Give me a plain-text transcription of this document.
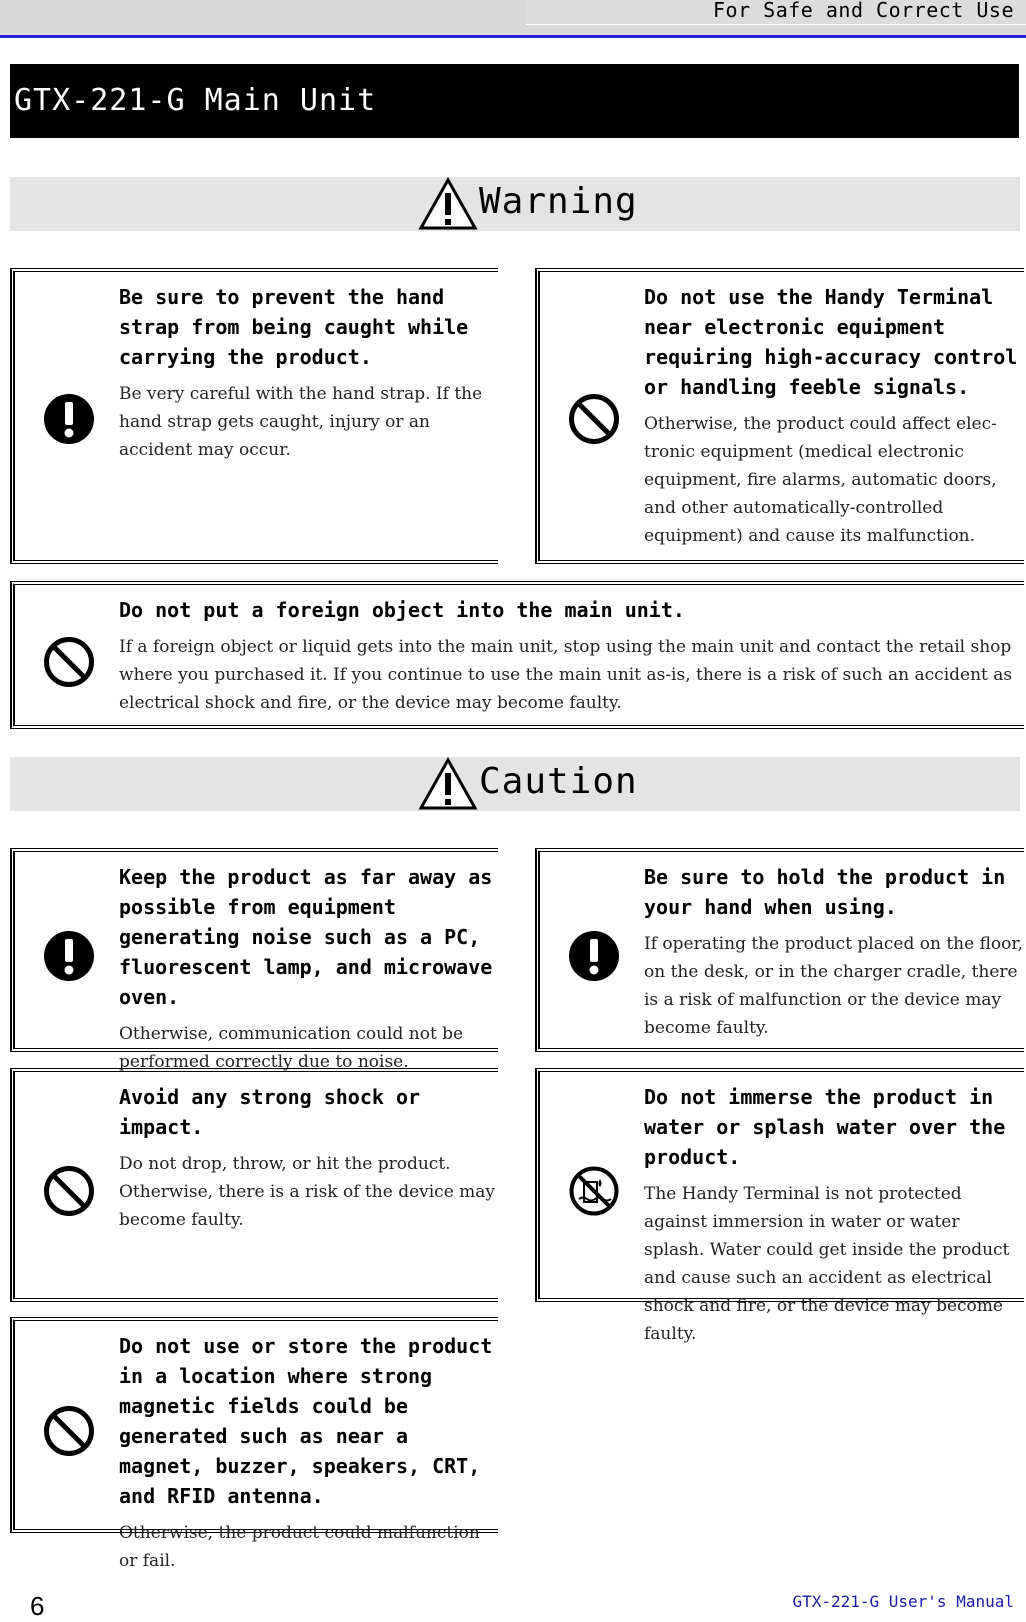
For Safe and Correct Use
GTX-221-G Main Unit
Warning
Be sure to prevent the hand strap from being caught while carrying the product.
Be very careful with the hand strap. If the hand strap gets caught, injury or an accident may occur.
Do not use the Handy Terminal near electronic equipment requiring high-accuracy control or handling feeble signals.
Otherwise, the product could affect elec-tronic equipment (medical electronic equipment, fire alarms, automatic doors, and other automatically-controlled equipment) and cause its malfunction.
Do not put a foreign object into the main unit.
If a foreign object or liquid gets into the main unit, stop using the main unit and contact the retail shop where you purchased it. If you continue to use the main unit as-is, there is a risk of such an accident as electrical shock and fire, or the device may become faulty.
Caution
Keep the product as far away as possible from equipment generating noise such as a PC, fluorescent lamp, and microwave oven.
Otherwise, communication could not be performed correctly due to noise.
Be sure to hold the product in your hand when using.
If operating the product placed on the floor, on the desk, or in the charger cradle, there is a risk of malfunction or the device may become faulty.
Avoid any strong shock or impact.
Do not drop, throw, or hit the product. Otherwise, there is a risk of the device may become faulty.
Do not immerse the product in water or splash water over the product.
The Handy Terminal is not protected against immersion in water or water splash. Water could get inside the product and cause such an accident as electrical shock and fire, or the device may become faulty.
Do not use or store the product in a location where strong magnetic fields could be generated such as near a magnet, buzzer, speakers, CRT, and RFID antenna.
Otherwise, the product could malfunction or fail.
6	GTX-221-G User's Manual
